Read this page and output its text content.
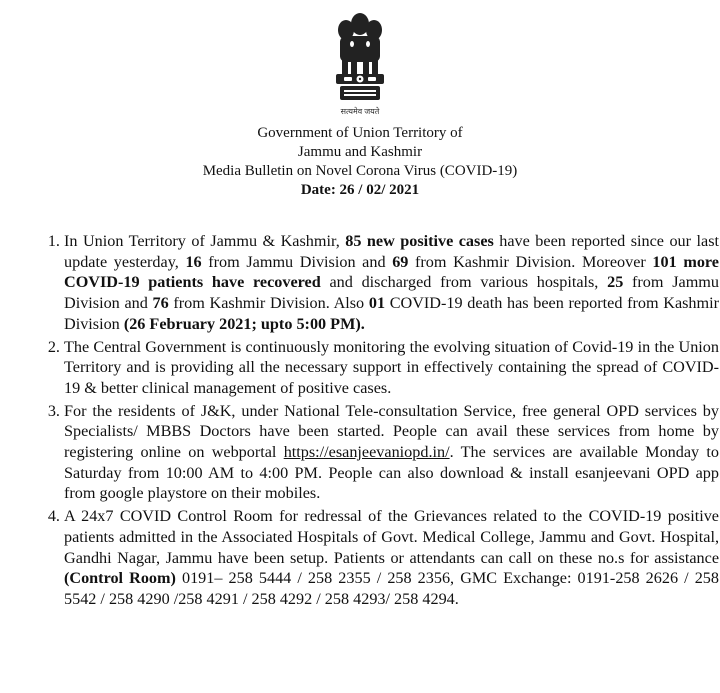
सत्यमेव जयते
Government of Union Territory of
Jammu and Kashmir
Media Bulletin on Novel Corona Virus (COVID-19)
Date: 26 / 02/ 2021
1. In Union Territory of Jammu & Kashmir, 85 new positive cases have been reported since our last update yesterday, 16 from Jammu Division and 69 from Kashmir Division. Moreover 101 more COVID-19 patients have recovered and discharged from various hospitals, 25 from Jammu Division and 76 from Kashmir Division. Also 01 COVID-19 death has been reported from Kashmir Division (26 February 2021; upto 5:00 PM).
2. The Central Government is continuously monitoring the evolving situation of Covid-19 in the Union Territory and is providing all the necessary support in effectively containing the spread of COVID-19 & better clinical management of positive cases.
3. For the residents of J&K, under National Tele-consultation Service, free general OPD services by Specialists/ MBBS Doctors have been started. People can avail these services from home by registering online on webportal https://esanjeevaniopd.in/. The services are available Monday to Saturday from 10:00 AM to 4:00 PM. People can also download & install esanjeevani OPD app from google playstore on their mobiles.
4. A 24x7 COVID Control Room for redressal of the Grievances related to the COVID-19 positive patients admitted in the Associated Hospitals of Govt. Medical College, Jammu and Govt. Hospital, Gandhi Nagar, Jammu have been setup. Patients or attendants can call on these no.s for assistance (Control Room) 0191– 258 5444 / 258 2355 / 258 2356, GMC Exchange: 0191-258 2626 / 258 5542 / 258 4290 /258 4291 / 258 4292 / 258 4293/ 258 4294.
